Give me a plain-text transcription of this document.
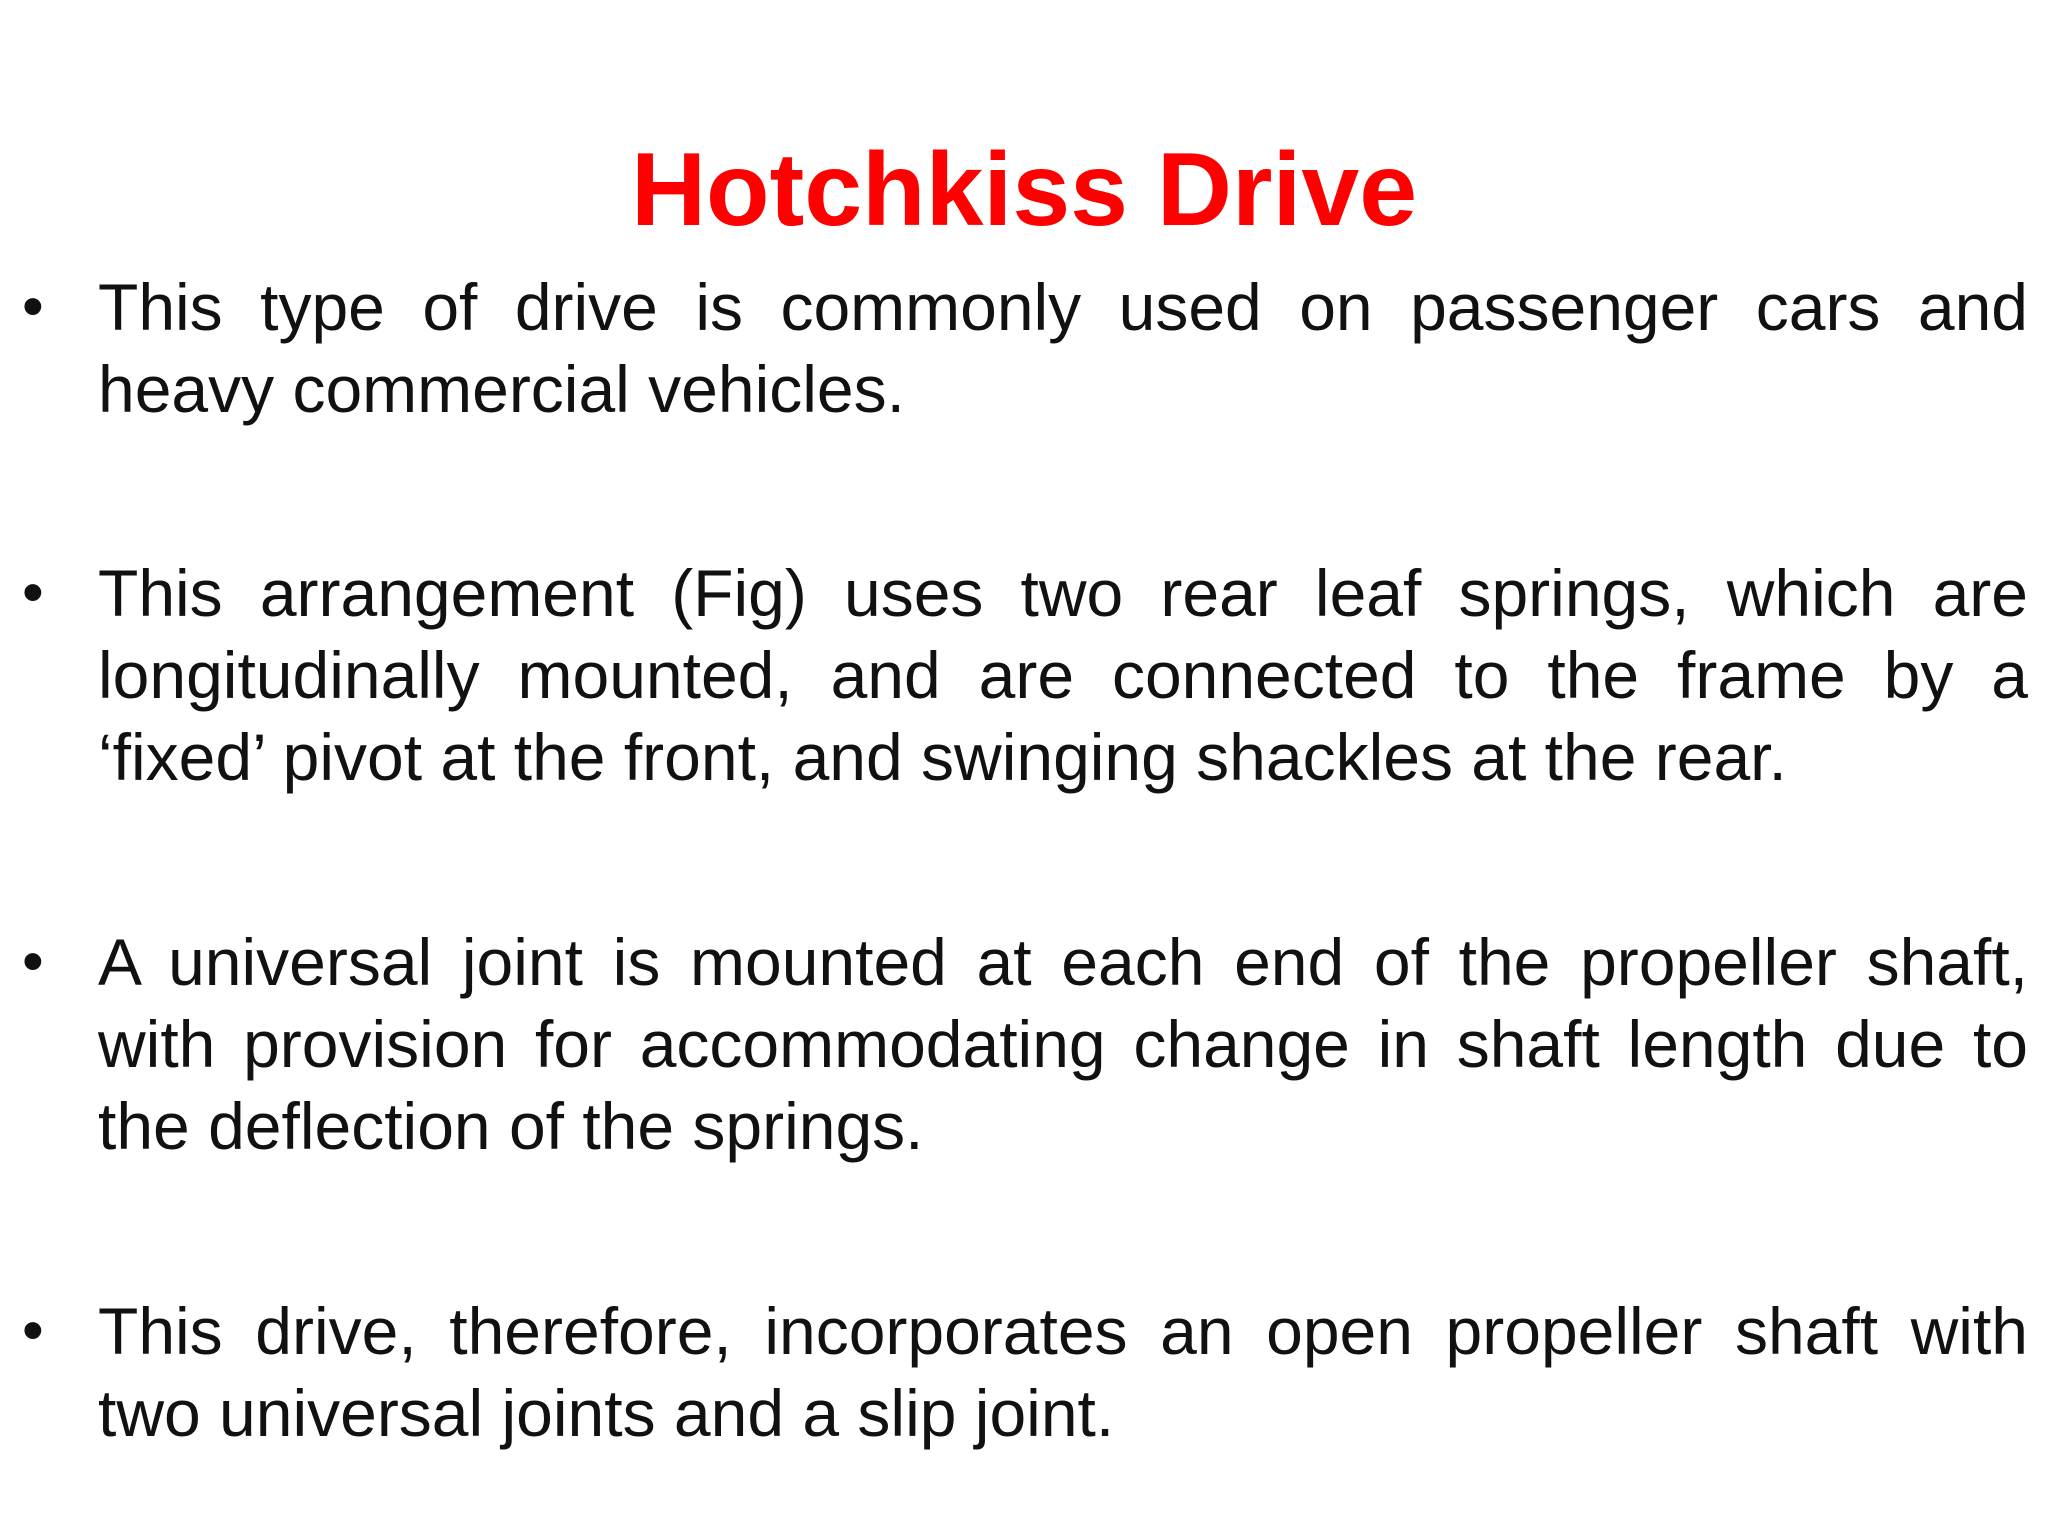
Hotchkiss Drive
• This type of drive is commonly used on passenger cars and heavy commercial vehicles.
• This arrangement (Fig) uses two rear leaf springs, which are longitudinally mounted, and are connected to the frame by a ‘fixed’ pivot at the front, and swinging shackles at the rear.
• A universal joint is mounted at each end of the propeller shaft, with provision for accommodating change in shaft length due to the deflection of the springs.
• This drive, therefore, incorporates an open propeller shaft with two universal joints and a slip joint.
